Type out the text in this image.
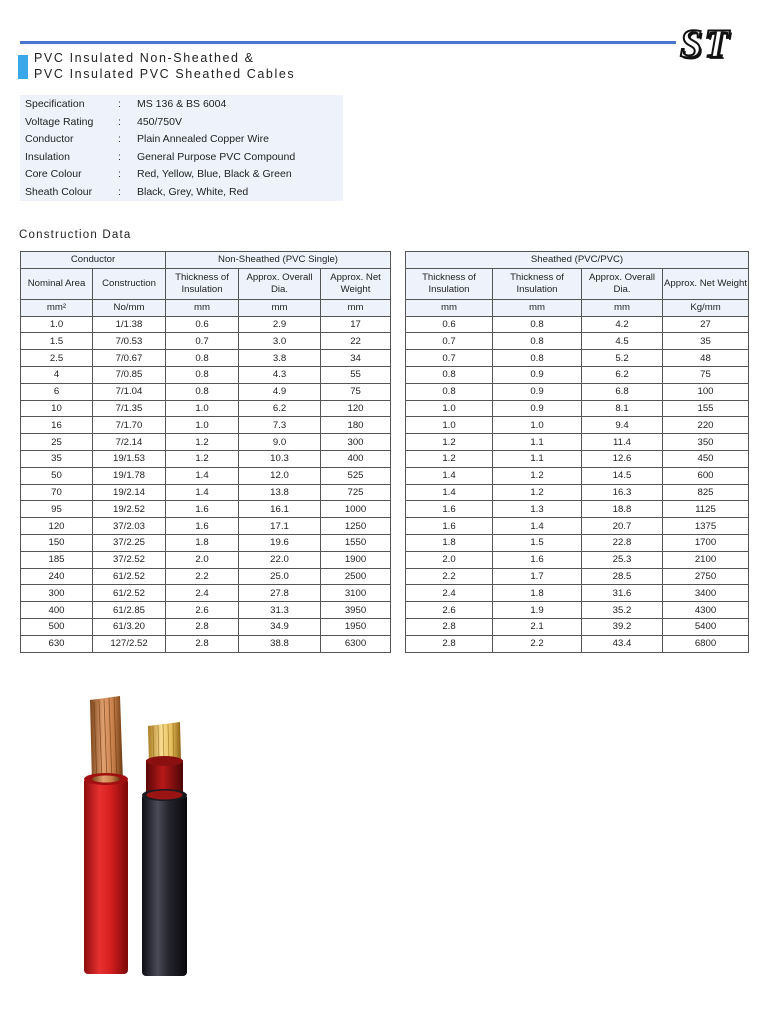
ST
PVC Insulated Non-Sheathed &
PVC Insulated PVC Sheathed Cables
Specification	: MS 136 & BS 6004
Voltage Rating : 450/750V
Conductor	: Plain Annealed Copper Wire
Insulation	: General Purpose PVC Compound
Core Colour	: Red, Yellow, Blue, Black & Green
Sheath Colour : Black, Grey, White, Red
Construction Data
Conductor		Non-Sheathed (PVC Single)		
Nominal Area	Construction	Thickness of Insulation	Approx. Overall Dia.	Approx. Net Weight
mm²	No/mm	mm	mm	mm
1.0	1/1.38	0.6	2.9	17
1.5	7/0.53	0.7	3.0	22
2.5	7/0.67	0.8	3.8	34
4	7/0.85	0.8	4.3	55
6	7/1.04	0.8	4.9	75
10	7/1.35	1.0	6.2	120
16	7/1.70	1.0	7.3	180
25	7/2.14	1.2	9.0	300
35	19/1.53	1.2	10.3	400
50	19/1.78	1.4	12.0	525
70	19/2.14	1.4	13.8	725
95	19/2.52	1.6	16.1	1000
120	37/2.03	1.6	17.1	1250
150	37/2.25	1.8	19.6	1550
185	37/2.52	2.0	22.0	1900
240	61/2.52	2.2	25.0	2500
300	61/2.52	2.4	27.8	3100
400	61/2.85	2.6	31.3	3950
500	61/3.20	2.8	34.9	1950
630	127/2.52	2.8	38.8	6300
Sheathed (PVC/PVC)			
Thickness of Insulation	Thickness of Insulation	Approx. Overall Dia.	Approx. Net Weight
mm	mm	mm	Kg/mm
0.6	0.8	4.2	27
0.7	0.8	4.5	35
0.7	0.8	5.2	48
0.8	0.9	6.2	75
0.8	0.9	6.8	100
1.0	0.9	8.1	155
1.0	1.0	9.4	220
1.2	1.1	11.4	350
1.2	1.1	12.6	450
1.4	1.2	14.5	600
1.4	1.2	16.3	825
1.6	1.3	18.8	1125
1.6	1.4	20.7	1375
1.8	1.5	22.8	1700
2.0	1.6	25.3	2100
2.2	1.7	28.5	2750
2.4	1.8	31.6	3400
2.6	1.9	35.2	4300
2.8	2.1	39.2	5400
2.8	2.2	43.4	6800
